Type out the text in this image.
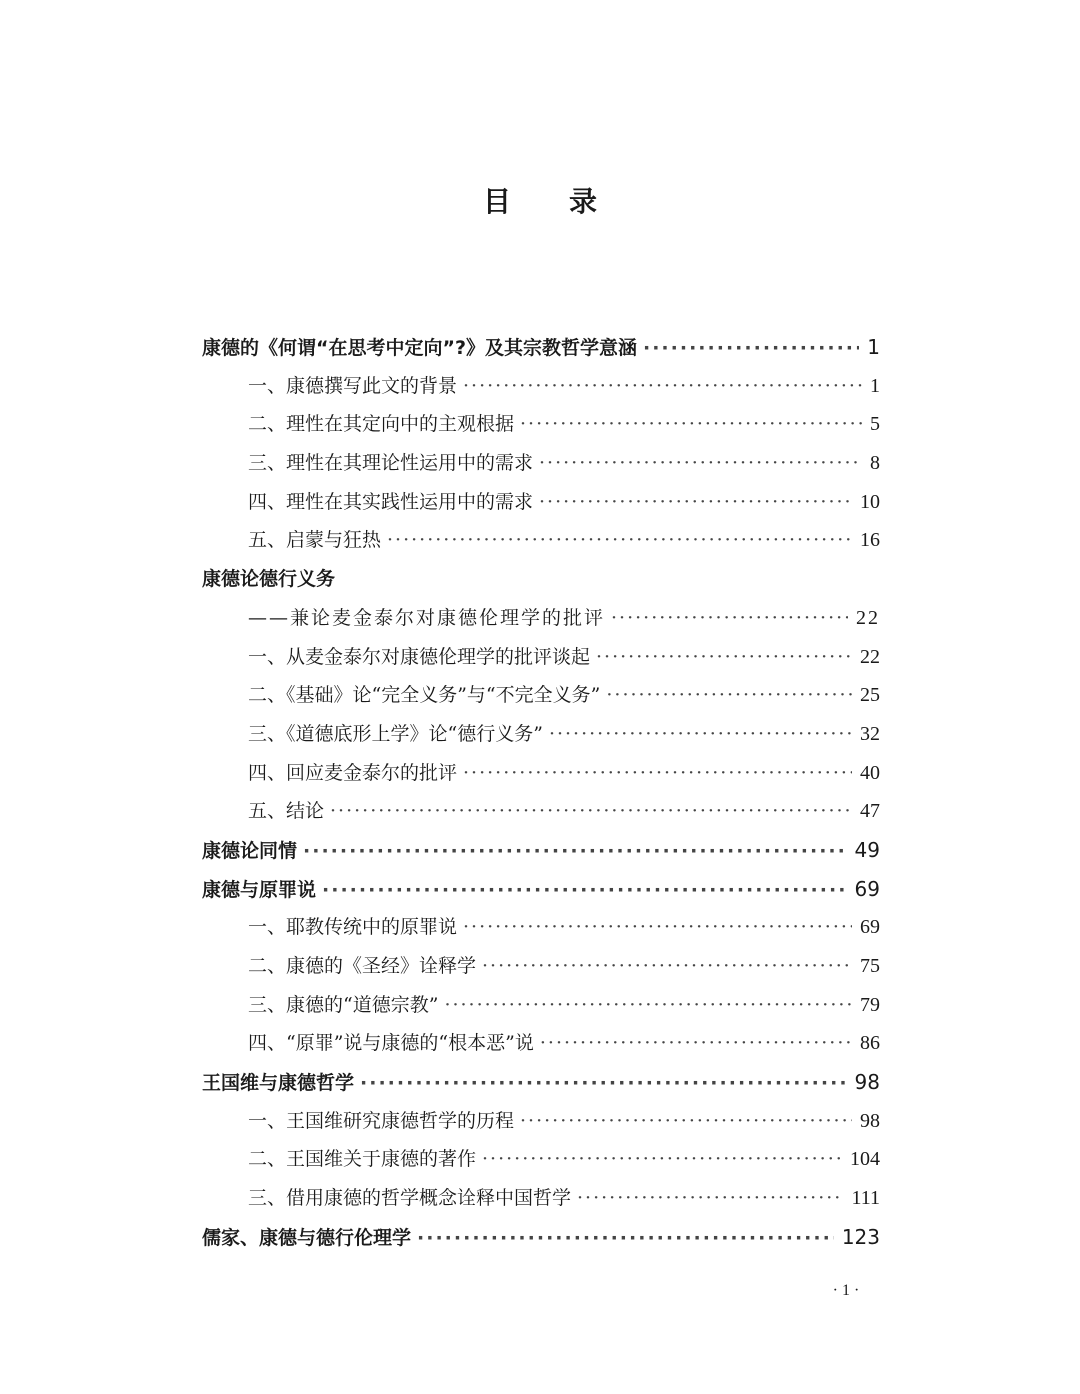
目录
康德的《何谓“在思考中定向”?》及其宗教哲学意涵 ·····	1
一、康德撰写此文的背景 ·····	1
二、理性在其定向中的主观根据 ·····	5
三、理性在其理论性运用中的需求 ·····	8
四、理性在其实践性运用中的需求 ·····	10
五、启蒙与狂热 ·····	16
康德论德行义务
——兼论麦金泰尔对康德伦理学的批评 ·····	22
一、从麦金泰尔对康德伦理学的批评谈起 ·····	22
二、《基础》论“完全义务”与“不完全义务” ·····	25
三、《道德底形上学》论“德行义务” ·····	32
四、回应麦金泰尔的批评 ·····	40
五、结论 ·····	47
康德论同情 ·····	49
康德与原罪说 ·····	69
一、耶教传统中的原罪说 ·····	69
二、康德的《圣经》诠释学 ·····	75
三、康德的“道德宗教” ·····	79
四、“原罪”说与康德的“根本恶”说 ·····	86
王国维与康德哲学 ·····	98
一、王国维研究康德哲学的历程 ·····	98
二、王国维关于康德的著作 ·····	104
三、借用康德的哲学概念诠释中国哲学 ·····	111
儒家、康德与德行伦理学 ·····	123
· 1 ·
